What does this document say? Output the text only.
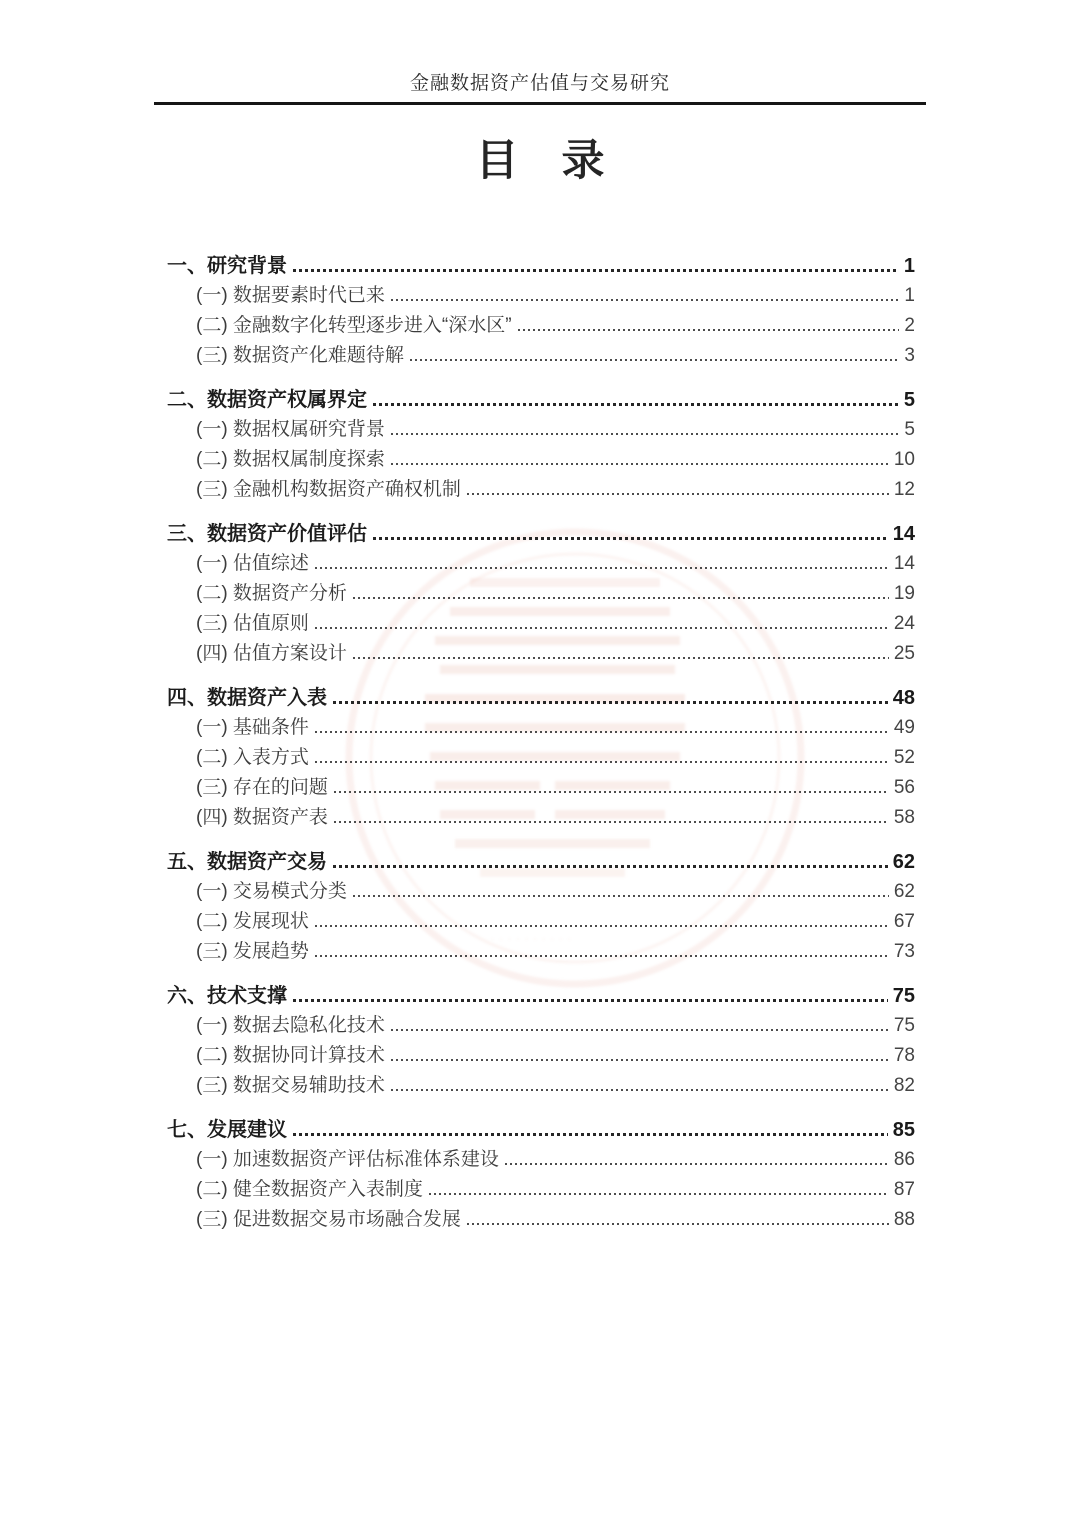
· · · · · · · · · ·
金融数据资产估值与交易研究
目　录
一、研究背景	1
(一) 数据要素时代已来	1
(二) 金融数字化转型逐步进入“深水区”	2
(三) 数据资产化难题待解	3
二、数据资产权属界定	5
(一) 数据权属研究背景	5
(二) 数据权属制度探索	10
(三) 金融机构数据资产确权机制	12
三、数据资产价值评估	14
(一) 估值综述	14
(二) 数据资产分析	19
(三) 估值原则	24
(四) 估值方案设计	25
四、数据资产入表	48
(一) 基础条件	49
(二) 入表方式	52
(三) 存在的问题	56
(四) 数据资产表	58
五、数据资产交易	62
(一) 交易模式分类	62
(二) 发展现状	67
(三) 发展趋势	73
六、技术支撑	75
(一) 数据去隐私化技术	75
(二) 数据协同计算技术	78
(三) 数据交易辅助技术	82
七、发展建议	85
(一) 加速数据资产评估标准体系建设	86
(二) 健全数据资产入表制度	87
(三) 促进数据交易市场融合发展	88
